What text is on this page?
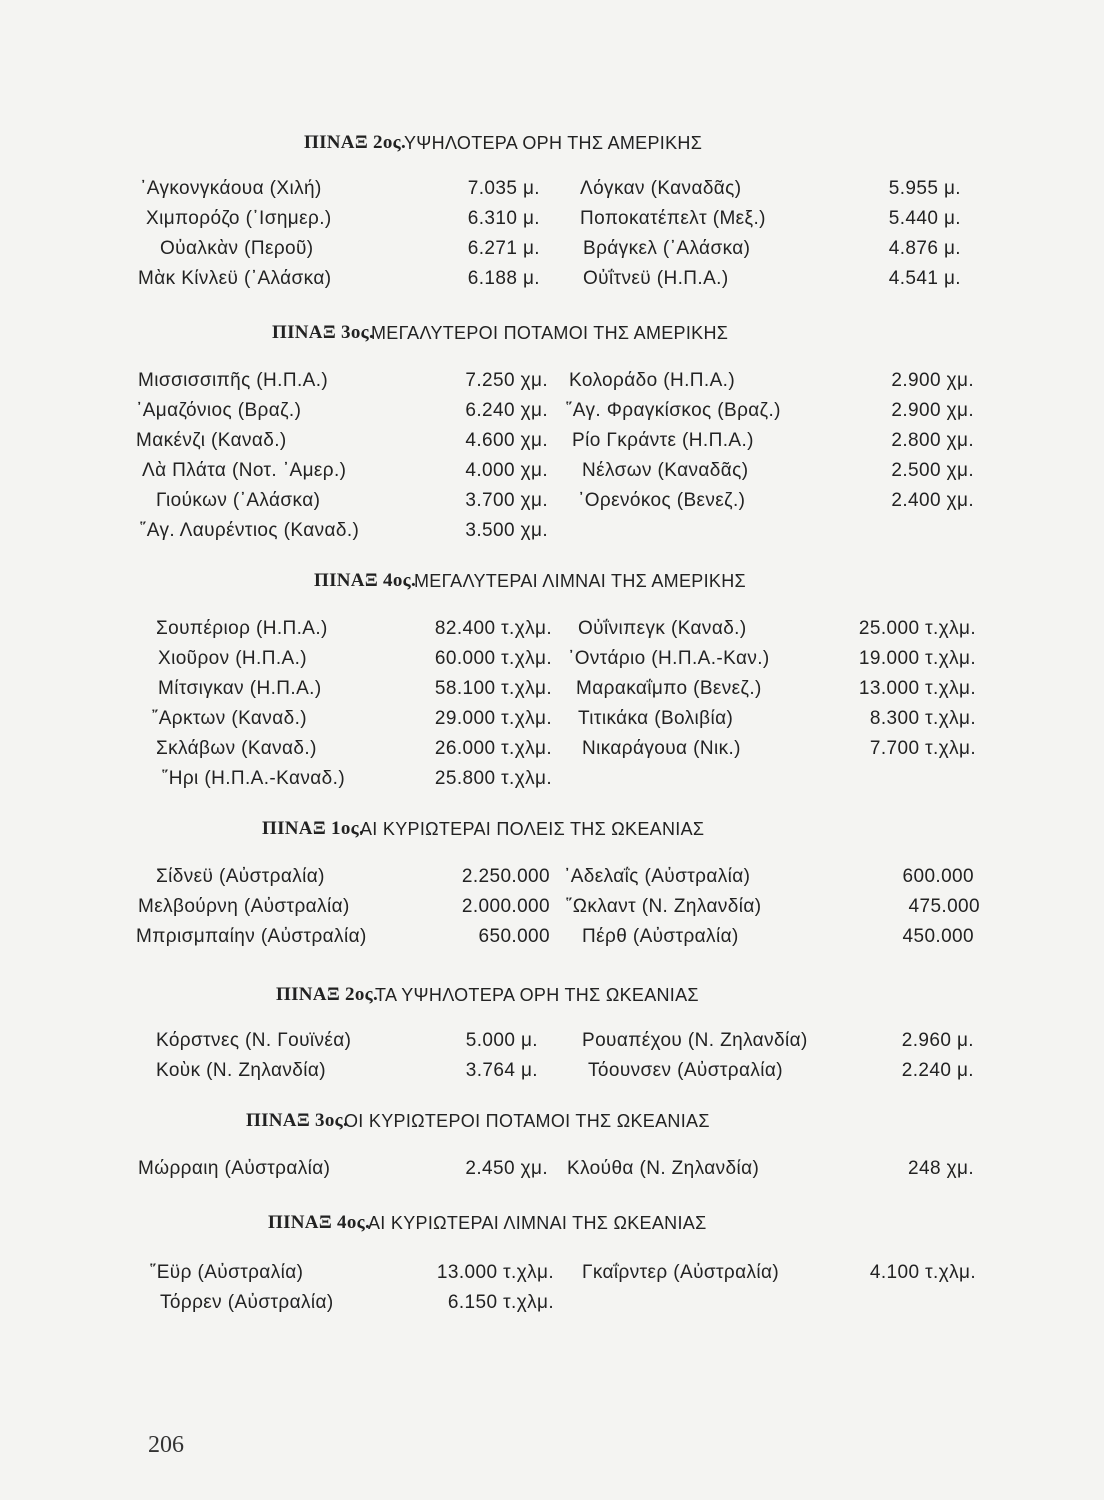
ΠΙΝΑΞ 2ος.
ΥΨΗΛΟΤΕΡΑ ΟΡΗ ΤΗΣ ΑΜΕΡΙΚΗΣ
᾿Αγκονγκάουα (Χιλή)	7.035 μ. Λόγκαν (Καναδᾶς)	5.955 μ.
Χιμπορόζο (᾿Ισημερ.)	6.310 μ. Ποποκατέπελτ (Μεξ.)	5.440 μ.
Οὐαλκὰν (Περοῦ)	6.271 μ. Βράγκελ (᾿Αλάσκα)	4.876 μ.
Μὰκ Κίνλεϋ (᾿Αλάσκα)	6.188 μ. Οὐΐτνεϋ (Η.Π.Α.)	4.541 μ.
ΠΙΝΑΞ 3ος.
ΜΕΓΑΛΥΤΕΡΟΙ ΠΟΤΑΜΟΙ ΤΗΣ ΑΜΕΡΙΚΗΣ
Μισσισσιπῆς (Η.Π.Α.)	7.250 χμ. Κολοράδο (Η.Π.Α.)	2.900 χμ.
᾿Αμαζόνιος (Βραζ.)	6.240 χμ. ῞Αγ. Φραγκίσκος (Βραζ.)	2.900 χμ.
Μακένζι (Καναδ.)	4.600 χμ. Ρίο Γκράντε (Η.Π.Α.)	2.800 χμ.
Λὰ Πλάτα (Νοτ. ᾿Αμερ.)	4.000 χμ. Νέλσων (Καναδᾶς)	2.500 χμ.
Γιούκων (᾿Αλάσκα)	3.700 χμ. ᾿Ορενόκος (Βενεζ.)	2.400 χμ.
῞Αγ. Λαυρέντιος (Καναδ.)	3.500 χμ.
ΠΙΝΑΞ 4ος.
ΜΕΓΑΛΥΤΕΡΑΙ ΛΙΜΝΑΙ ΤΗΣ ΑΜΕΡΙΚΗΣ
Σουπέριορ (Η.Π.Α.)	82.400 τ.χλμ. Οὐΐνιπεγκ (Καναδ.)	25.000 τ.χλμ.
Χιοῦρον (Η.Π.Α.)	60.000 τ.χλμ. ᾿Οντάριο (Η.Π.Α.-Καν.)	19.000 τ.χλμ.
Μίτσιγκαν (Η.Π.Α.)	58.100 τ.χλμ. Μαρακαΐμπο (Βενεζ.)	13.000 τ.χλμ.
῎Αρκτων (Καναδ.)	29.000 τ.χλμ. Τιτικάκα (Βολιβία)	8.300 τ.χλμ.
Σκλάβων (Καναδ.)	26.000 τ.χλμ. Νικαράγουα (Νικ.)	7.700 τ.χλμ.
῞Ηρι (Η.Π.Α.-Καναδ.)	25.800 τ.χλμ.
ΠΙΝΑΞ 1ος.
ΑΙ ΚΥΡΙΩΤΕΡΑΙ ΠΟΛΕΙΣ ΤΗΣ ΩΚΕΑΝΙΑΣ
Σίδνεϋ (Αὐστραλία)	2.250.000 ᾿Αδελαΐς (Αὐστραλία)	600.000
Μελβούρνη (Αὐστραλία)	2.000.000 ῞Ωκλαντ (Ν. Ζηλανδία)	475.000
Μπρισμπαίην (Αὐστραλία)	650.000 Πέρθ (Αὐστραλία)	450.000
ΠΙΝΑΞ 2ος.
ΤΑ ΥΨΗΛΟΤΕΡΑ ΟΡΗ ΤΗΣ ΩΚΕΑΝΙΑΣ
Κόρστνες (Ν. Γουϊνέα)	5.000 μ. Ρουαπέχου (Ν. Ζηλανδία)	2.960 μ.
Κοὺκ (Ν. Ζηλανδία)	3.764 μ.	Τόουνσεν (Αὐστραλία)	2.240 μ.
ΠΙΝΑΞ 3ος.
ΟΙ ΚΥΡΙΩΤΕΡΟΙ ΠΟΤΑΜΟΙ ΤΗΣ ΩΚΕΑΝΙΑΣ
Μώρραιη (Αὐστραλία)	2.450 χμ. Κλούθα (Ν. Ζηλανδία)	248 χμ.
ΠΙΝΑΞ 4ος.
ΑΙ ΚΥΡΙΩΤΕΡΑΙ ΛΙΜΝΑΙ ΤΗΣ ΩΚΕΑΝΙΑΣ
῞Εϋρ (Αὐστραλία)	13.000 τ.χλμ. Γκαΐρντερ (Αὐστραλία)	4.100 τ.χλμ.
Τόρρεν (Αὐστραλία)	6.150 τ.χλμ.
206
